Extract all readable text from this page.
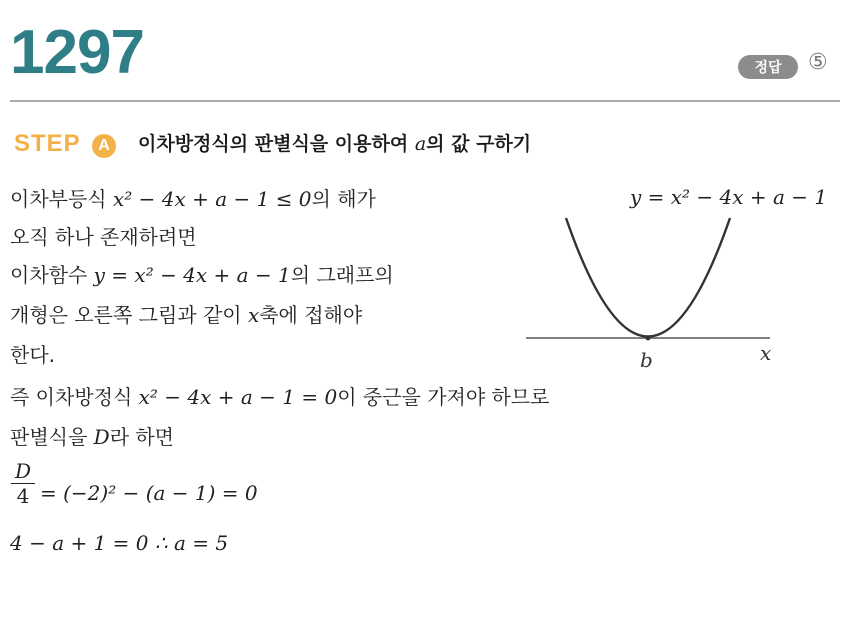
1297	정답	⑤
STEP	A	이차방정식의 판별식을 이용하여 a의 값 구하기
이차부등식 x² − 4x + a − 1 ≤ 0의 해가
오직 하나 존재하려면
이차함수 y = x² − 4x + a − 1의 그래프의
개형은 오른쪽 그림과 같이 x축에 접해야
한다.
즉 이차방정식 x² − 4x + a − 1 = 0이 중근을 가져야 하므로
판별식을 D라 하면
D
4 = (−2)² − (a − 1) = 0
4 − a + 1 = 0 ∴ a = 5
y = x² − 4x + a − 1
b	x
